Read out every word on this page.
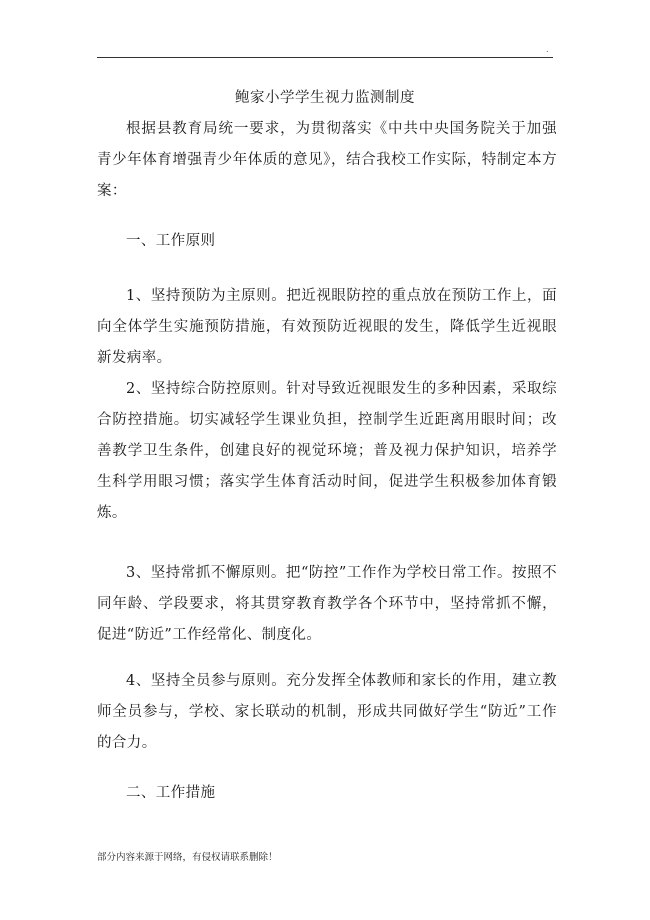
.
鲍家小学学生视力监测制度

根据县教育局统一要求，为贯彻落实《中共中央国务院关于加强青少年体育增强青少年体质的意见》，结合我校工作实际，特制定本方案：

一、工作原则

1、坚持预防为主原则。把近视眼防控的重点放在预防工作上，面向全体学生实施预防措施，有效预防近视眼的发生，降低学生近视眼新发病率。

2、坚持综合防控原则。针对导致近视眼发生的多种因素，采取综合防控措施。切实减轻学生课业负担，控制学生近距离用眼时间；改善教学卫生条件，创建良好的视觉环境；普及视力保护知识，培养学生科学用眼习惯；落实学生体育活动时间，促进学生积极参加体育锻炼。

3、坚持常抓不懈原则。把“防控”工作作为学校日常工作。按照不同年龄、学段要求，将其贯穿教育教学各个环节中，坚持常抓不懈，促进“防近”工作经常化、制度化。

4、坚持全员参与原则。充分发挥全体教师和家长的作用，建立教师全员参与，学校、家长联动的机制，形成共同做好学生“防近”工作的合力。

二、工作措施

部分内容来源于网络，有侵权请联系删除！
